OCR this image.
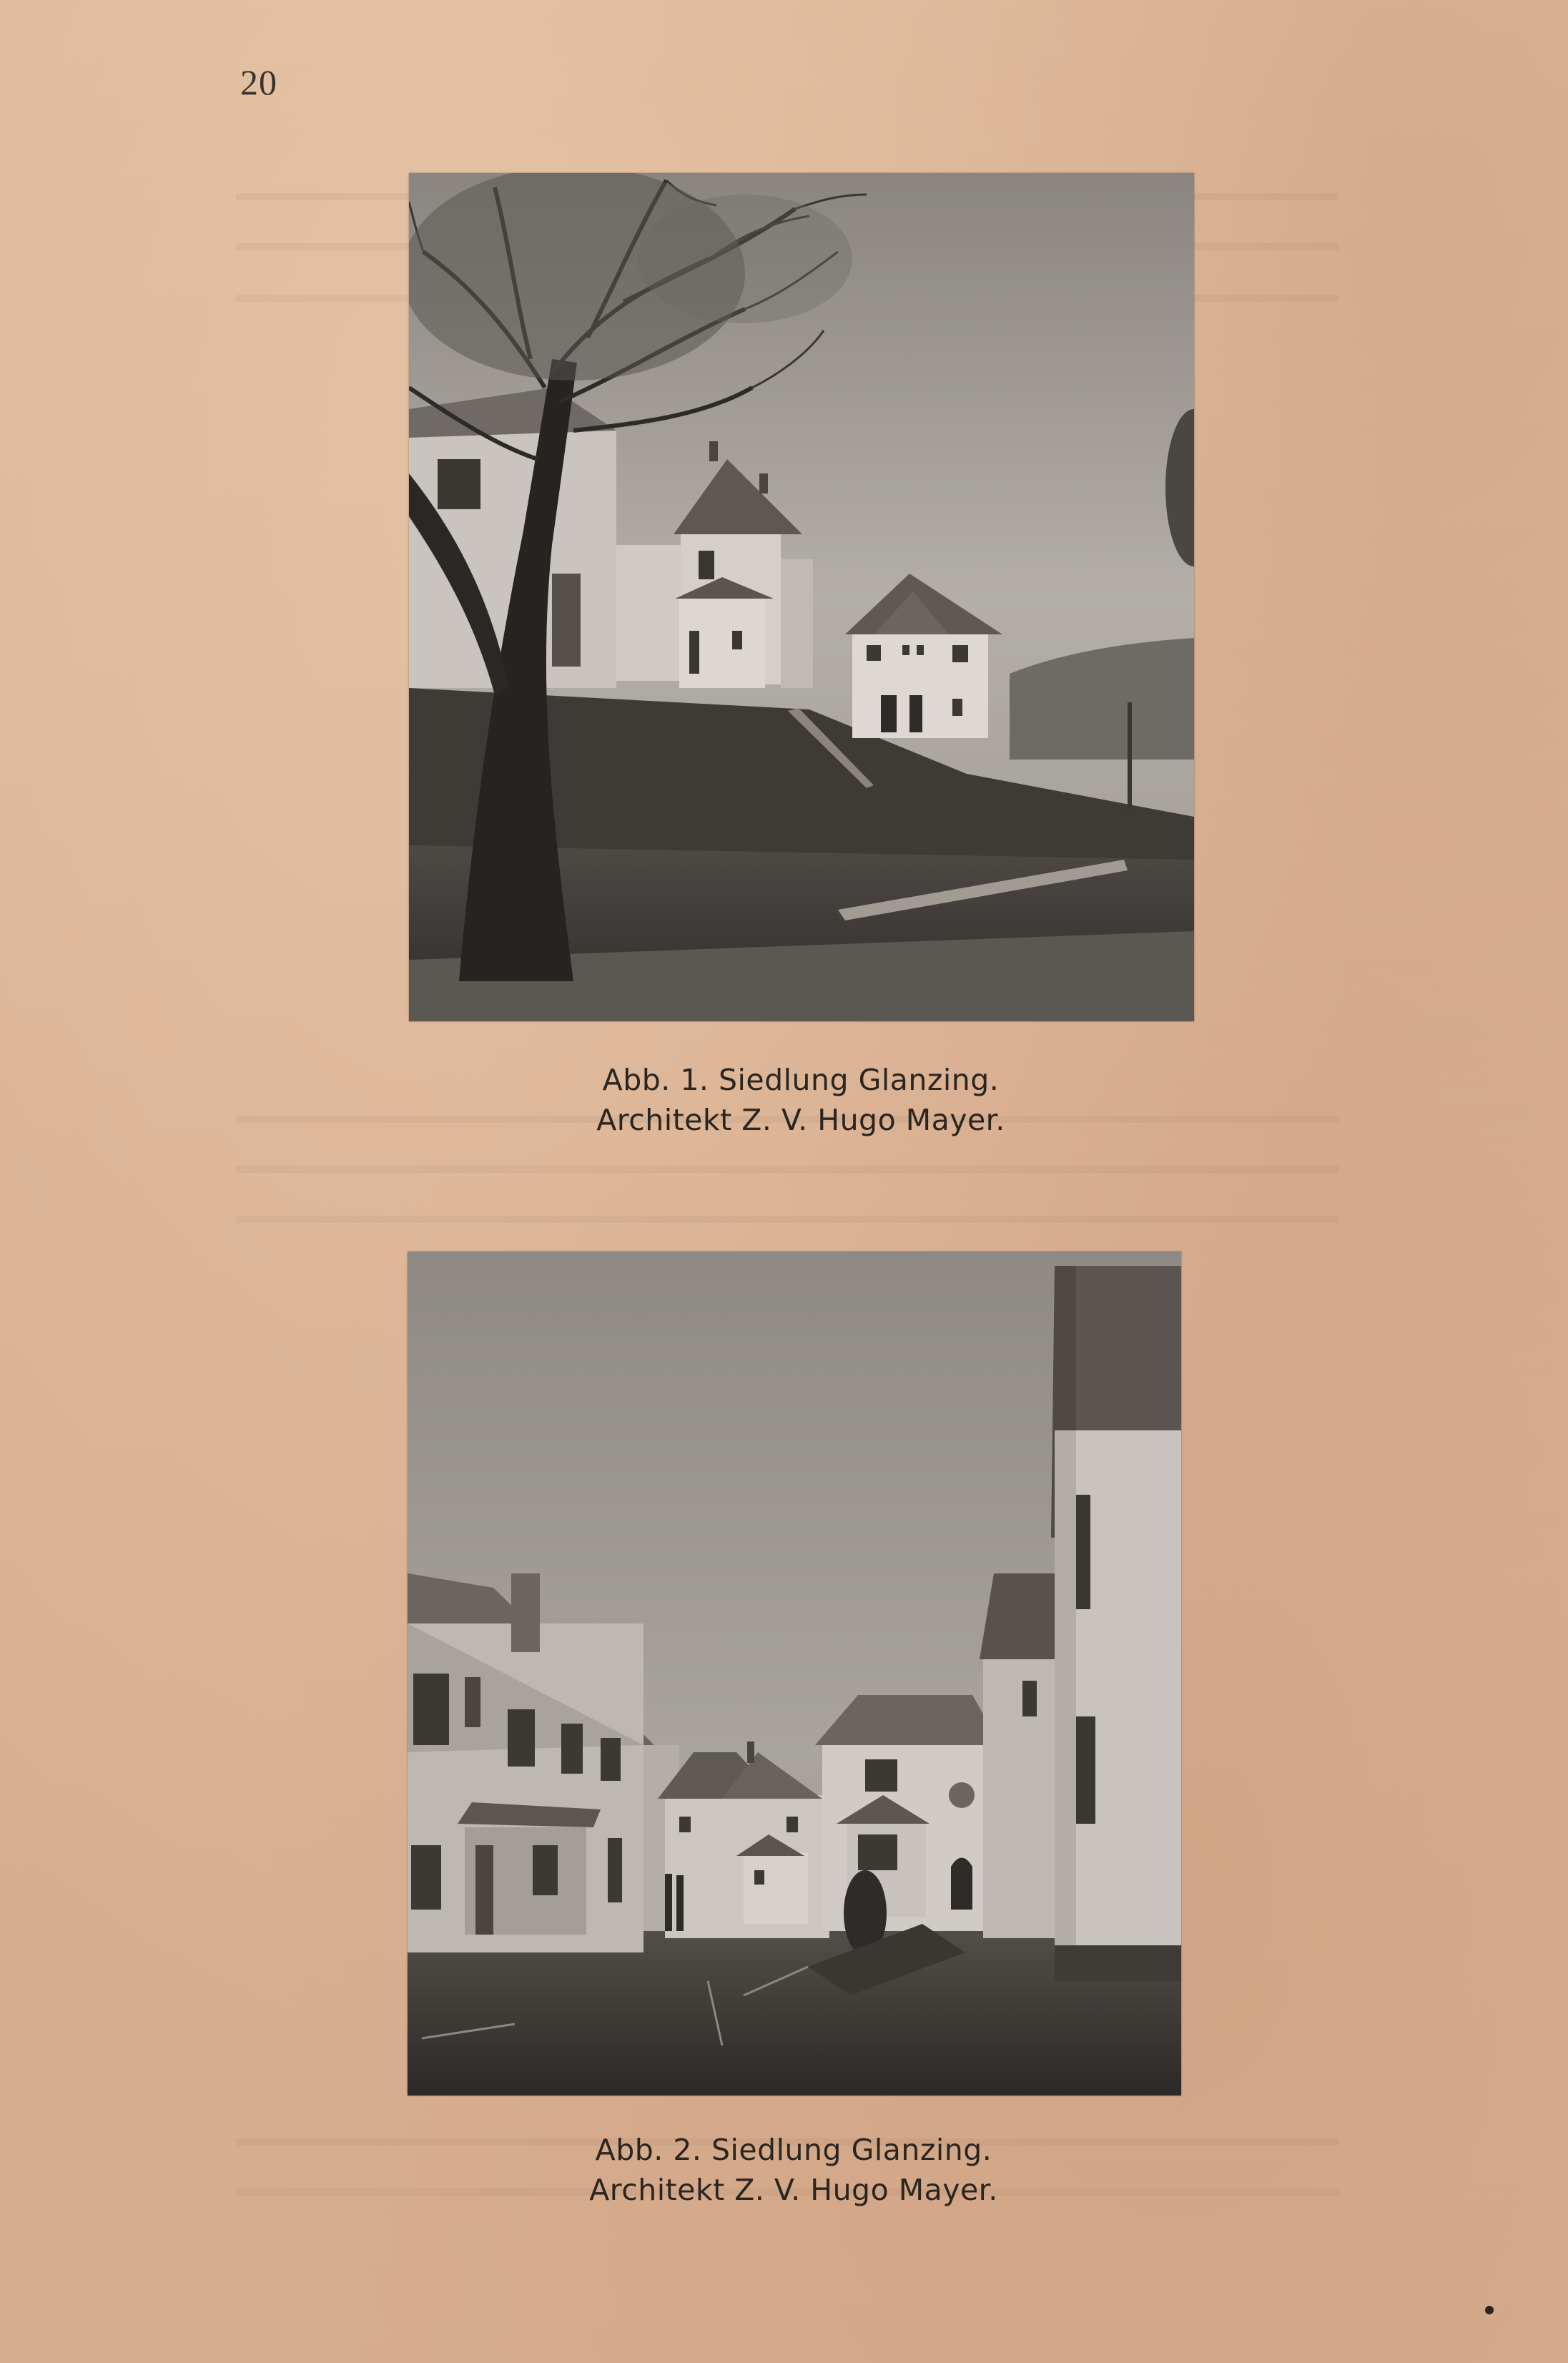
20
Abb. 1. Siedlung Glanzing.
Architekt Z. V. Hugo Mayer.
Abb. 2. Siedlung Glanzing.
Architekt Z. V. Hugo Mayer.
